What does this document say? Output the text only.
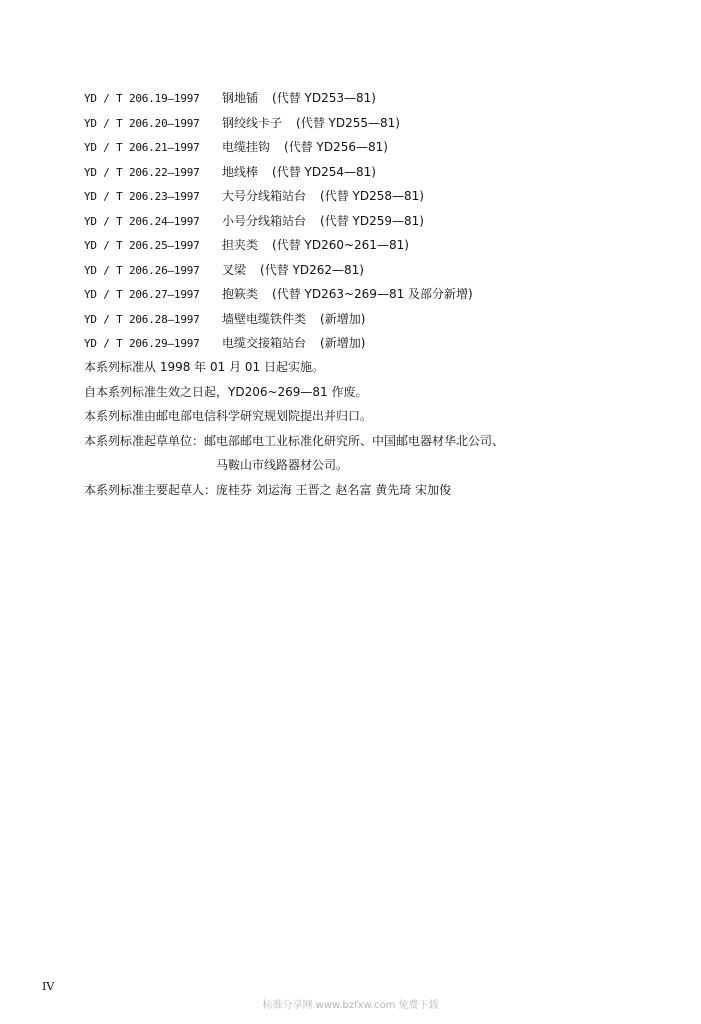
YD / T 206.19—1997 钢地锸 (代替 YD253—81)
YD / T 206.20—1997 钢绞线卡子 (代替 YD255—81)
YD / T 206.21—1997 电缆挂钩 (代替 YD256—81)
YD / T 206.22—1997 地线棒 (代替 YD254—81)
YD / T 206.23—1997 大号分线箱站台 (代替 YD258—81)
YD / T 206.24—1997 小号分线箱站台 (代替 YD259—81)
YD / T 206.25—1997 担夹类 (代替 YD260~261—81)
YD / T 206.26—1997 叉梁 (代替 YD262—81)
YD / T 206.27—1997 抱篍类 (代替 YD263~269—81 及部分新增)
YD / T 206.28—1997 墙壁电缆铁件类 (新增加)
YD / T 206.29—1997 电缆交接箱站台 (新增加)
本系列标准从 1998 年 01 月 01 日起实施。
自本系列标准生效之日起，YD206~269—81 作废。
本系列标准由邮电部电信科学研究规划院提出并归口。
本系列标准起草单位：邮电部邮电工业标准化研究所、中国邮电器材华北公司、
马鞍山市线路器材公司。
本系列标准主要起草人：庞桂芬 刘运海 王晋之 赵名富 黄先琦 宋加俊
IV
标准分享网 www.bzfxw.com 免费下载
